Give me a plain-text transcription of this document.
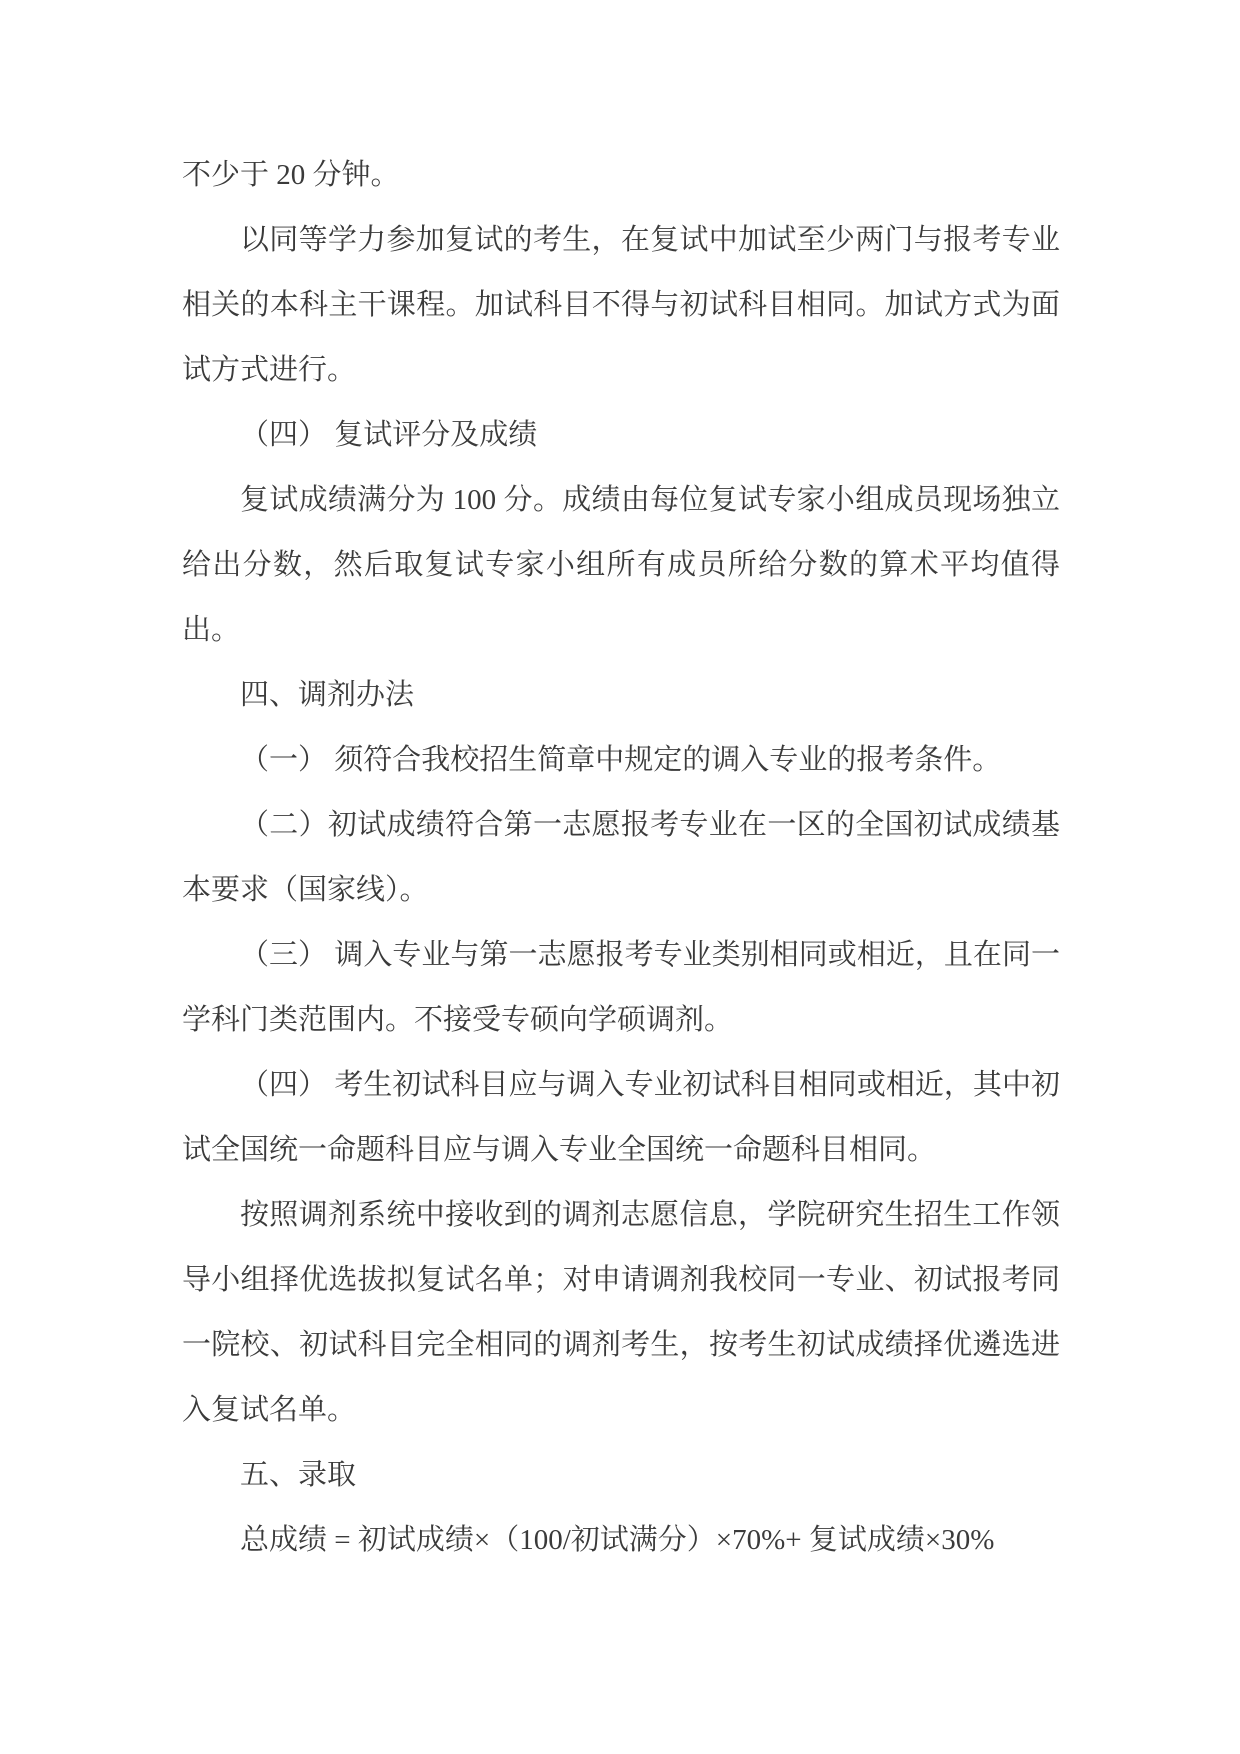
不少于 20 分钟。
以同等学力参加复试的考生，在复试中加试至少两门与报考专业
相关的本科主干课程。加试科目不得与初试科目相同。加试方式为面
试方式进行。
（四） 复试评分及成绩
复试成绩满分为 100 分。成绩由每位复试专家小组成员现场独立
给出分数，然后取复试专家小组所有成员所给分数的算术平均值得
出。
四、调剂办法
（一） 须符合我校招生简章中规定的调入专业的报考条件。
（二）初试成绩符合第一志愿报考专业在一区的全国初试成绩基
本要求（国家线）。
（三） 调入专业与第一志愿报考专业类别相同或相近，且在同一
学科门类范围内。不接受专硕向学硕调剂。
（四） 考生初试科目应与调入专业初试科目相同或相近，其中初
试全国统一命题科目应与调入专业全国统一命题科目相同。
按照调剂系统中接收到的调剂志愿信息，学院研究生招生工作领
导小组择优选拔拟复试名单；对申请调剂我校同一专业、初试报考同
一院校、初试科目完全相同的调剂考生，按考生初试成绩择优遴选进
入复试名单。
五、录取
总成绩 = 初试成绩×（100/初试满分）×70%+ 复试成绩×30%
